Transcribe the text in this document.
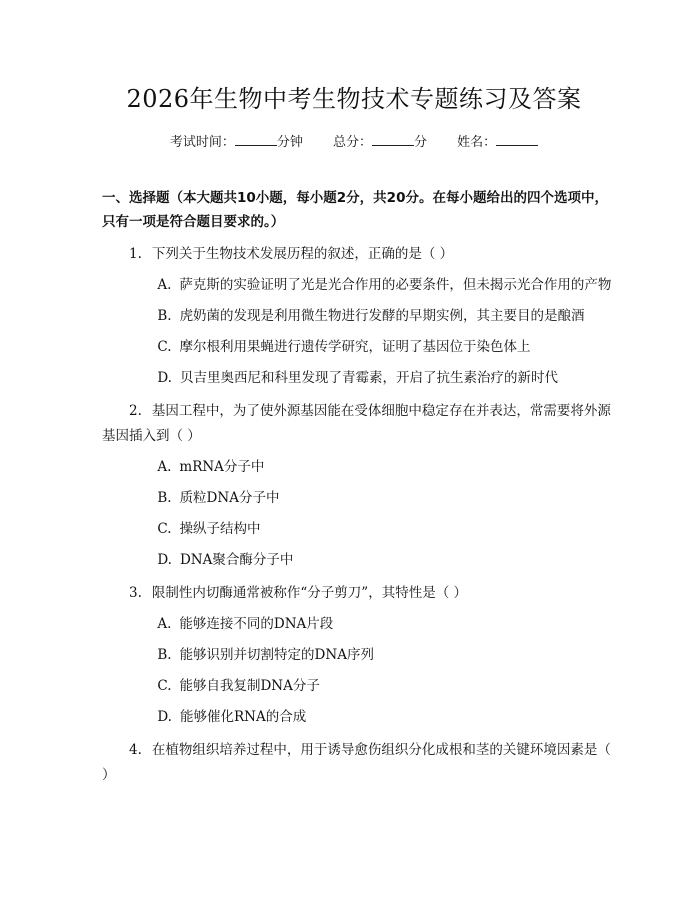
2026年生物中考生物技术专题练习及答案
考试时间：	分钟 总分：	分 姓名：
一、选择题（本大题共10小题，每小题2分，共20分。在每小题给出的四个选项中，只有一项是符合题目要求的。）
1. 下列关于生物技术发展历程的叙述，正确的是（ ）
A. 萨克斯的实验证明了光是光合作用的必要条件，但未揭示光合作用的产物
B. 虎奶菌的发现是利用微生物进行发酵的早期实例，其主要目的是酿酒
C. 摩尔根利用果蝇进行遗传学研究，证明了基因位于染色体上
D. 贝吉里奥西尼和科里发现了青霉素，开启了抗生素治疗的新时代
2. 基因工程中，为了使外源基因能在受体细胞中稳定存在并表达，常需要将外源基因插入到（ ）
A. mRNA分子中
B. 质粒DNA分子中
C. 操纵子结构中
D. DNA聚合酶分子中
3. 限制性内切酶通常被称作“分子剪刀”，其特性是（ ）
A. 能够连接不同的DNA片段
B. 能够识别并切割特定的DNA序列
C. 能够自我复制DNA分子
D. 能够催化RNA的合成
4. 在植物组织培养过程中，用于诱导愈伤组织分化成根和茎的关键环境因素是（ ）
